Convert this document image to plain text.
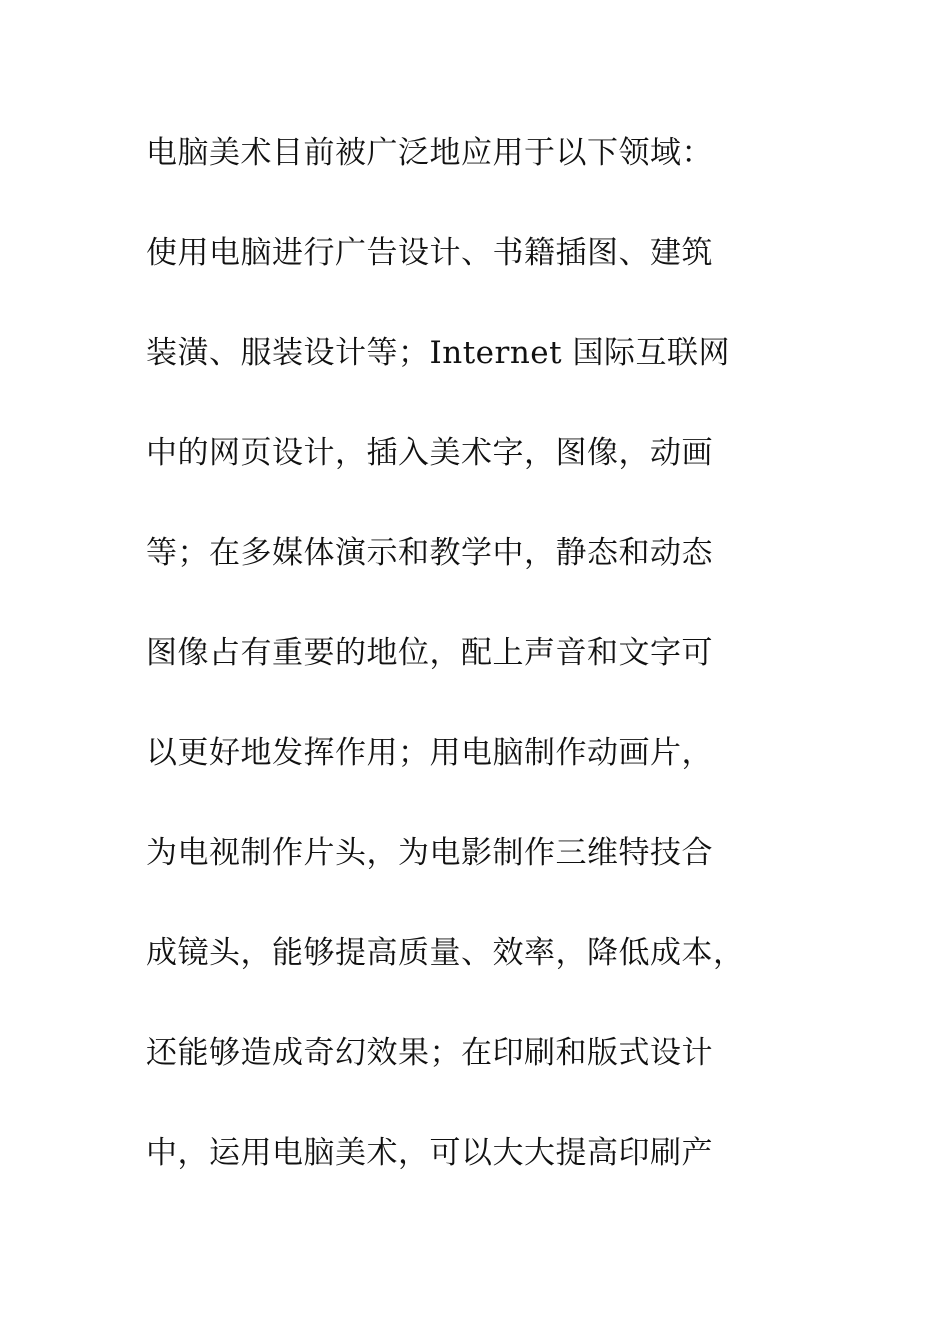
电脑美术目前被广泛地应用于以下领域：
使用电脑进行广告设计、书籍插图、建筑
装潢、服装设计等；Internet 国际互联网
中的网页设计，插入美术字，图像，动画
等；在多媒体演示和教学中，静态和动态
图像占有重要的地位，配上声音和文字可
以更好地发挥作用；用电脑制作动画片，
为电视制作片头，为电影制作三维特技合
成镜头，能够提高质量、效率，降低成本，
还能够造成奇幻效果；在印刷和版式设计
中，运用电脑美术，可以大大提高印刷产
